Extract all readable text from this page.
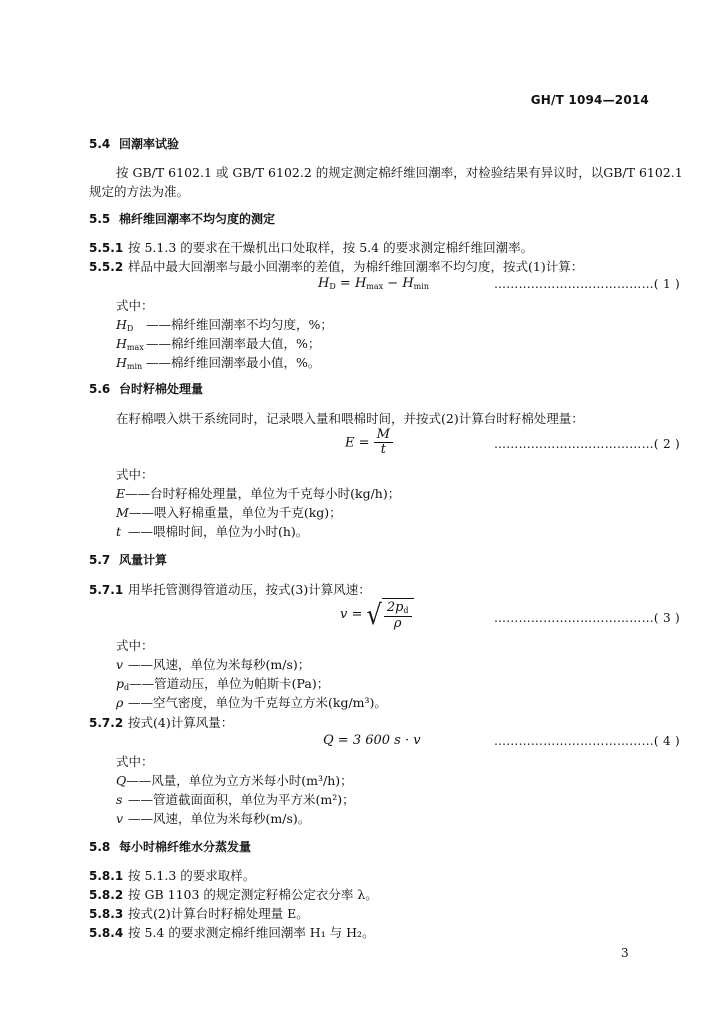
GH/T 1094—2014
5.4 回潮率试验
按 GB/T 6102.1 或 GB/T 6102.2 的规定测定棉纤维回潮率，对检验结果有异议时，以GB/T 6102.1
规定的方法为准。
5.5 棉纤维回潮率不均匀度的测定
5.5.1 按 5.1.3 的要求在干燥机出口处取样，按 5.4 的要求测定棉纤维回潮率。
5.5.2 样品中最大回潮率与最小回潮率的差值，为棉纤维回潮率不均匀度，按式(1)计算：
$H_D = H_{max} - H_{min}$	…………………………………( 1 )
式中：
$H_D$ ——棉纤维回潮率不均匀度，%；
$H_{max}$ ——棉纤维回潮率最大值，%；
$H_{min}$ ——棉纤维回潮率最小值，%。
5.6 台时籽棉处理量
在籽棉喂入烘干系统同时，记录喂入量和喂棉时间，并按式(2)计算台时籽棉处理量：
$E = \frac{M}{t}$	…………………………………( 2 )
式中：
E——台时籽棉处理量，单位为千克每小时(kg/h)；
M——喂入籽棉重量，单位为千克(kg)；
t ——喂棉时间，单位为小时(h)。
5.7 风量计算
5.7.1 用毕托管测得管道动压，按式(3)计算风速：
v = √ $\frac{2p_d}{\rho}$	…………………………………( 3 )
式中：
v ——风速，单位为米每秒(m/s)；
$p_d——$管道动压，单位为帕斯卡(Pa)；
ρ ——空气密度，单位为千克每立方米(kg/m³)。
5.7.2 按式(4)计算风量：
Q = 3 600 s · v	…………………………………( 4 )
式中：
Q——风量，单位为立方米每小时(m³/h)；
s ——管道截面面积，单位为平方米(m²)；
v ——风速，单位为米每秒(m/s)。
5.8 每小时棉纤维水分蒸发量
5.8.1 按 5.1.3 的要求取样。
5.8.2 按 GB 1103 的规定测定籽棉公定衣分率 λ。
5.8.3 按式(2)计算台时籽棉处理量 E。
5.8.4 按 5.4 的要求测定棉纤维回潮率 H₁ 与 H₂。
3
